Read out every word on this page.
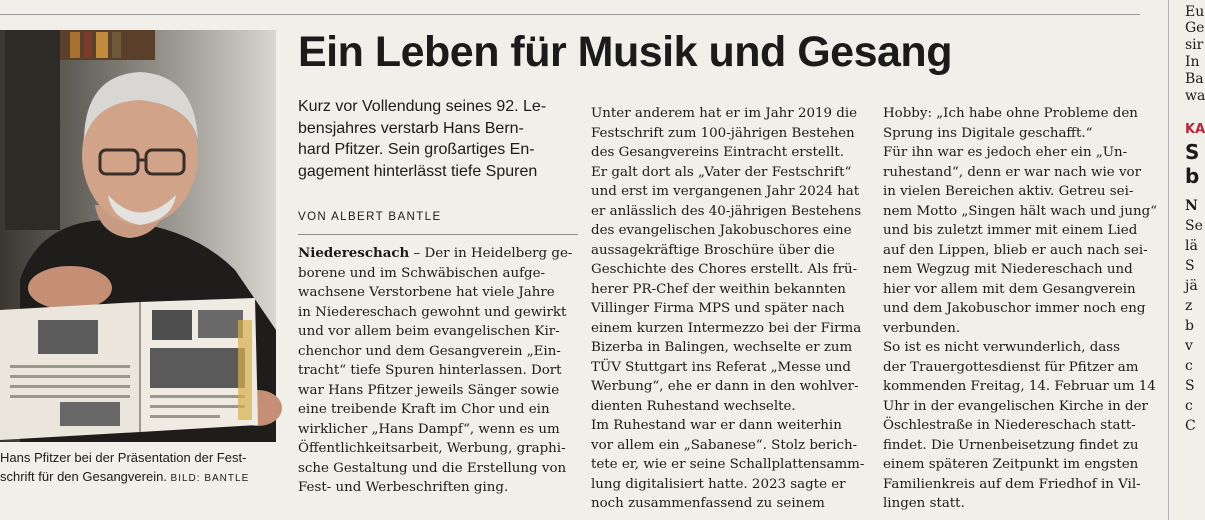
Hans Pfitzer bei der Präsentation der Fest-
schrift für den Gesangverein. BILD: BANTLE
Ein Leben für Musik und Gesang
Kurz vor Vollendung seines 92. Le-
bensjahres verstarb Hans Bern-
hard Pfitzer. Sein großartiges En-
gagement hinterlässt tiefe Spuren
VON ALBERT BANTLE
Niedereschach – Der in Heidelberg ge-
borene und im Schwäbischen aufge-
wachsene Verstorbene hat viele Jahre
in Niedereschach gewohnt und gewirkt
und vor allem beim evangelischen Kir-
chenchor und dem Gesangverein „Ein-
tracht“ tiefe Spuren hinterlassen. Dort
war Hans Pfitzer jeweils Sänger sowie
eine treibende Kraft im Chor und ein
wirklicher „Hans Dampf“, wenn es um
Öffentlichkeitsarbeit, Werbung, graphi-
sche Gestaltung und die Erstellung von
Fest- und Werbeschriften ging.
Unter anderem hat er im Jahr 2019 die
Festschrift zum 100-jährigen Bestehen
des Gesangvereins Eintracht erstellt.
Er galt dort als „Vater der Festschrift“
und erst im vergangenen Jahr 2024 hat
er anlässlich des 40-jährigen Bestehens
des evangelischen Jakobuschores eine
aussagekräftige Broschüre über die
Geschichte des Chores erstellt. Als frü-
herer PR-Chef der weithin bekannten
Villinger Firma MPS und später nach
einem kurzen Intermezzo bei der Firma
Bizerba in Balingen, wechselte er zum
TÜV Stuttgart ins Referat „Messe und
Werbung“, ehe er dann in den wohlver-
dienten Ruhestand wechselte.
Im Ruhestand war er dann weiterhin
vor allem ein „Sabanese“. Stolz berich-
tete er, wie er seine Schallplattensamm-
lung digitalisiert hatte. 2023 sagte er
noch zusammenfassend zu seinem
Hobby: „Ich habe ohne Probleme den
Sprung ins Digitale geschafft.“
Für ihn war es jedoch eher ein „Un-
ruhestand“, denn er war nach wie vor
in vielen Bereichen aktiv. Getreu sei-
nem Motto „Singen hält wach und jung“
und bis zuletzt immer mit einem Lied
auf den Lippen, blieb er auch nach sei-
nem Wegzug mit Niedereschach und
hier vor allem mit dem Gesangverein
und dem Jakobuschor immer noch eng
verbunden.
So ist es nicht verwunderlich, dass
der Trauergottesdienst für Pfitzer am
kommenden Freitag, 14. Februar um 14
Uhr in der evangelischen Kirche in der
Öschlestraße in Niedereschach statt-
findet. Die Urnenbeisetzung findet zu
einem späteren Zeitpunkt im engsten
Familienkreis auf dem Friedhof in Vil-
lingen statt.
Eu
Ge
sir
In
Ba
wa
KA
S
b
N
Se
lä
S
jä
z
b
v
c
S
c
C
